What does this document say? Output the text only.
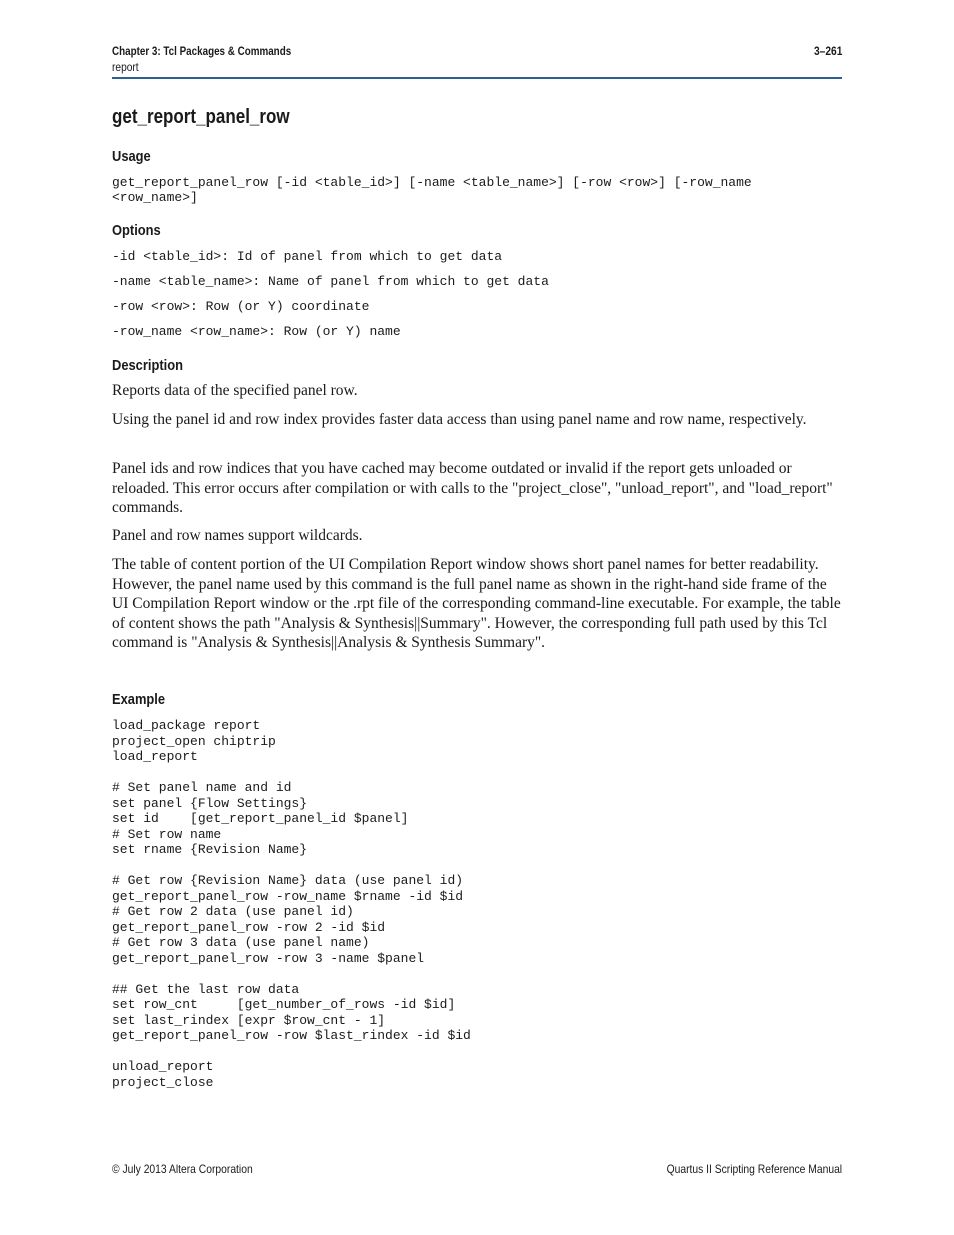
Chapter 3: Tcl Packages & Commands
report
3–261
get_report_panel_row
Usage
get_report_panel_row [-id <table_id>] [-name <table_name>] [-row <row>] [-row_name
<row_name>]
Options
-id <table_id>: Id of panel from which to get data
-name <table_name>: Name of panel from which to get data
-row <row>: Row (or Y) coordinate
-row_name <row_name>: Row (or Y) name
Description

Reports data of the specified panel row.

Using the panel id and row index provides faster data access than using panel name and row name, respectively.

Panel ids and row indices that you have cached may become outdated or invalid if the report gets unloaded or reloaded. This error occurs after compilation or with calls to the "project_close", "unload_report", and "load_report" commands.

Panel and row names support wildcards.

The table of content portion of the UI Compilation Report window shows short panel names for better readability. However, the panel name used by this command is the full panel name as shown in the right-hand side frame of the UI Compilation Report window or the .rpt file of the corresponding command-line executable. For example, the table of content shows the path "Analysis & Synthesis||Summary". However, the corresponding full path used by this Tcl command is "Analysis & Synthesis||Analysis & Synthesis Summary".

Example
load_package report
project_open chiptrip
load_report

# Set panel name and id
set panel {Flow Settings}
set id    [get_report_panel_id $panel]
# Set row name
set rname {Revision Name}

# Get row {Revision Name} data (use panel id)
get_report_panel_row -row_name $rname -id $id
# Get row 2 data (use panel id)
get_report_panel_row -row 2 -id $id
# Get row 3 data (use panel name)
get_report_panel_row -row 3 -name $panel

## Get the last row data
set row_cnt     [get_number_of_rows -id $id]
set last_rindex [expr $row_cnt - 1]
get_report_panel_row -row $last_rindex -id $id

unload_report
project_close
© July 2013 Altera Corporation	Quartus II Scripting Reference Manual
